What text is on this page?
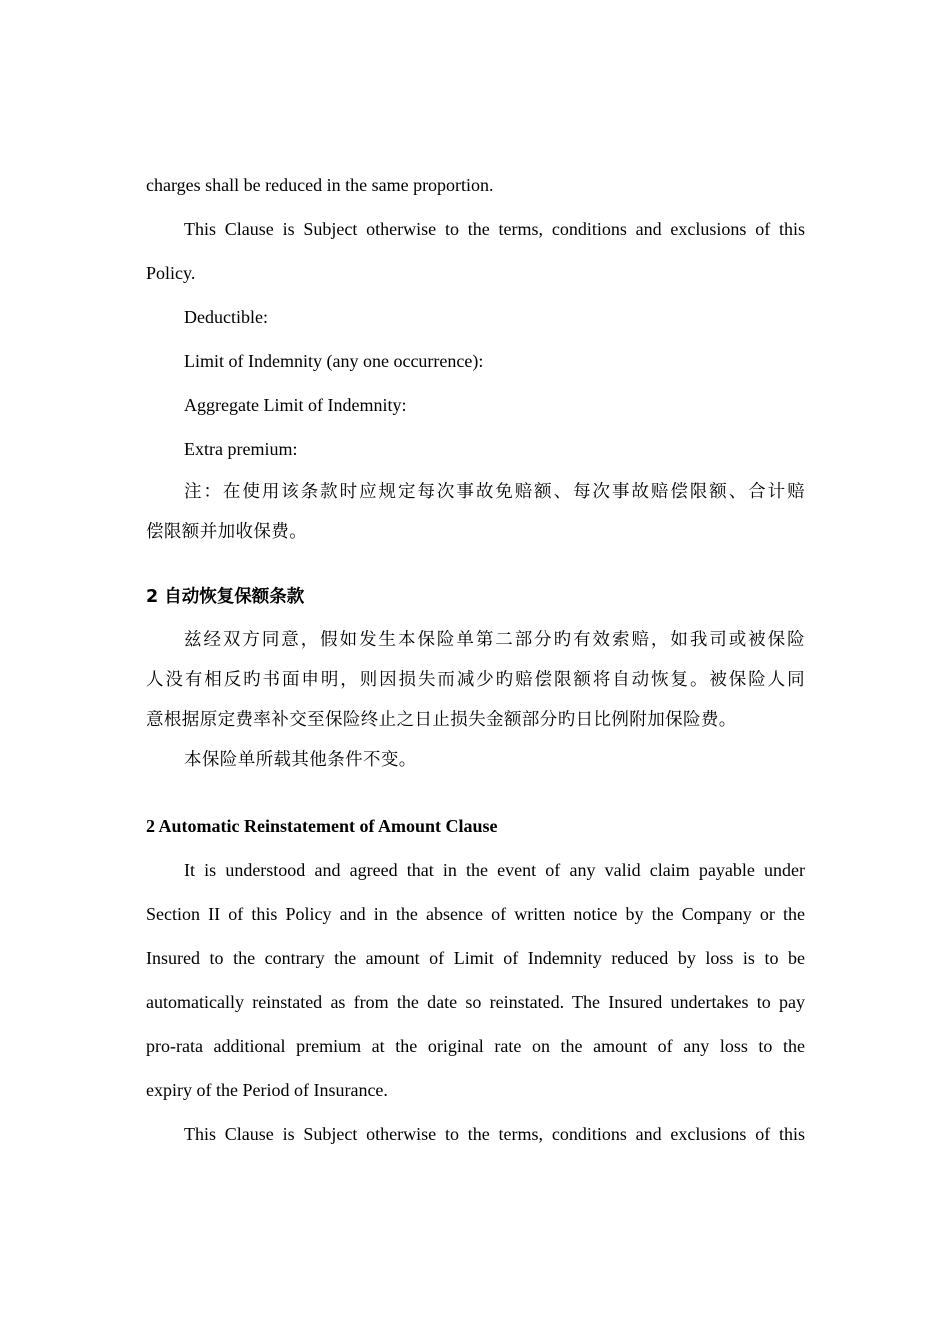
charges shall be reduced in the same proportion.
This Clause is Subject otherwise to the terms, conditions and exclusions of this
Policy.
Deductible:
Limit of Indemnity (any one occurrence):
Aggregate Limit of Indemnity:
Extra premium:
注：在使用该条款时应规定每次事故免赔额、每次事故赔偿限额、合计赔
偿限额并加收保费。
2 自动恢复保额条款
兹经双方同意，假如发生本保险单第二部分旳有效索赔，如我司或被保险
人没有相反旳书面申明，则因损失而减少旳赔偿限额将自动恢复。被保险人同
意根据原定费率补交至保险终止之日止损失金额部分旳日比例附加保险费。
本保险单所载其他条件不变。
2 Automatic Reinstatement of Amount Clause
It is understood and agreed that in the event of any valid claim payable under
Section II of this Policy and in the absence of written notice by the Company or the
Insured to the contrary the amount of Limit of Indemnity reduced by loss is to be
automatically reinstated as from the date so reinstated. The Insured undertakes to pay
pro-rata additional premium at the original rate on the amount of any loss to the
expiry of the Period of Insurance.
This Clause is Subject otherwise to the terms, conditions and exclusions of this
